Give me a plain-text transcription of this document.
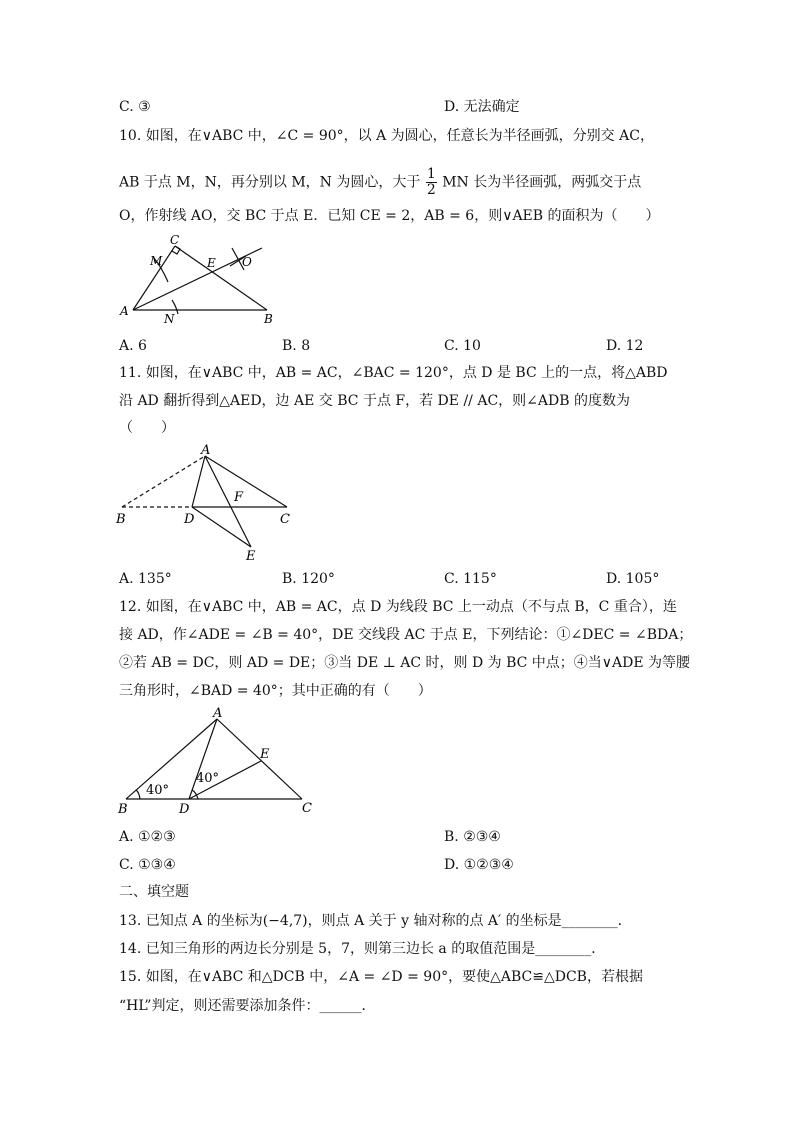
C. ③	D. 无法确定
10. 如图，在∨ABC 中，∠C = 90°，以 A 为圆心，任意长为半径画弧，分别交 AC，
AB 于点 M，N，再分别以 M，N 为圆心，大于 $\frac{1}{2}$ MN 长为半径画弧，两弧交于点
O，作射线 AO，交 BC 于点 E．已知 CE = 2，AB = 6，则∨AEB 的面积为（　　）
C
M	E O
A
N	B
A. 6	B. 8	C. 10	D. 12
11. 如图，在∨ABC 中，AB = AC，∠BAC = 120°，点 D 是 BC 上的一点，将△ABD
沿 AD 翻折得到△AED，边 AE 交 BC 于点 F，若 DE // AC，则∠ADB 的度数为
（　　）
A
B	D
F
C
E
A. 135°	B. 120°	C. 115°	D. 105°
12. 如图，在∨ABC 中，AB = AC，点 D 为线段 BC 上一动点（不与点 B，C 重合），连
接 AD，作∠ADE = ∠B = 40°，DE 交线段 AC 于点 E，下列结论：①∠DEC = ∠BDA；
②若 AB = DC，则 AD = DE；③当 DE ⊥ AC 时，则 D 为 BC 中点；④当∨ADE 为等腰
三角形时，∠BAD = 40°；其中正确的有（　　）
A
E
B	D	C
40°
40°
A. ①②③	B. ②③④
C. ①③④	D. ①②③④
二、填空题
13. 已知点 A 的坐标为(−4,7)，则点 A 关于 y 轴对称的点 A′ 的坐标是________．
14. 已知三角形的两边长分别是 5，7，则第三边长 a 的取值范围是________．
15. 如图，在∨ABC 和△DCB 中，∠A = ∠D = 90°，要使△ABC≌△DCB，若根据
“HL”判定，则还需要添加条件：______．
